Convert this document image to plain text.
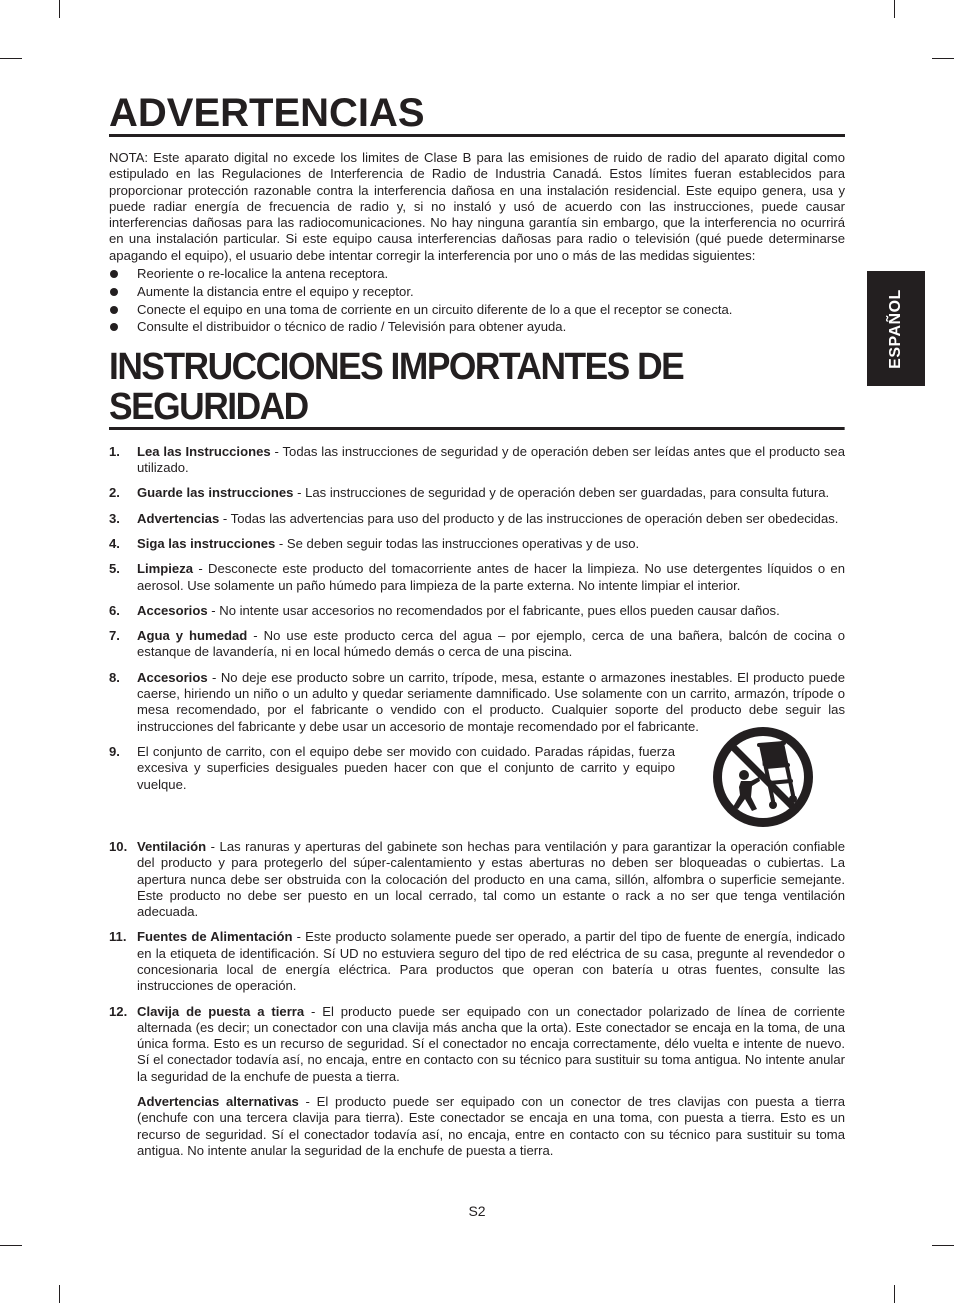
ESPAÑOL
ADVERTENCIAS

NOTA: Este aparato digital no excede los limites de Clase B para las emisiones de ruido de radio del aparato digital como estipulado en las Regulaciones de Interferencia de Radio de Industria Canadá. Estos límites fueran establecidos para proporcionar protección razonable contra la interferencia dañosa en una instalación residencial. Este equipo genera, usa y puede radiar energía de frecuencia de radio y, si no instaló y usó de acuerdo con las instrucciones, puede causar interferencias dañosas para las radiocomunicaciones. No hay ninguna garantía sin embargo, que la interferencia no ocurrirá en una instalación particular. Si este equipo causa interferencias dañosas para radio o televisión (qué puede determinarse apagando el equipo), el usuario debe intentar corregir la interferencia por uno o más de las medidas siguientes:

Reoriente o re-localice la antena receptora.
Aumente la distancia entre el equipo y receptor.
Conecte el equipo en una toma de corriente en un circuito diferente de lo a que el receptor se conecta.
Consulte el distribuidor o técnico de radio / Televisión para obtener ayuda.
INSTRUCCIONES IMPORTANTES DE SEGURIDAD
1. Lea las Instrucciones - Todas las instrucciones de seguridad y de operación deben ser leídas antes que el producto sea utilizado.
2. Guarde las instrucciones - Las instrucciones de seguridad y de operación deben ser guardadas, para consulta futura.
3. Advertencias - Todas las advertencias para uso del producto y de las instrucciones de operación deben ser obedecidas.
4. Siga las instrucciones - Se deben seguir todas las instrucciones operativas y de uso.
5. Limpieza - Desconecte este producto del tomacorriente antes de hacer la limpieza. No use detergentes líquidos o en aerosol. Use solamente un paño húmedo para limpieza de la parte externa. No intente limpiar el interior.
6. Accesorios - No intente usar accesorios no recomendados por el fabricante, pues ellos pueden causar daños.
7. Agua y humedad - No use este producto cerca del agua – por ejemplo, cerca de una bañera, balcón de cocina o estanque de lavandería, ni en local húmedo demás o cerca de una piscina.
8. Accesorios - No deje ese producto sobre un carrito, trípode, mesa, estante o armazones inestables. El producto puede caerse, hiriendo un niño o un adulto y quedar seriamente damnificado. Use solamente con un carrito, armazón, trípode o mesa recomendado, por el fabricante o vendido con el producto. Cualquier soporte del producto debe seguir las instrucciones del fabricante y debe usar un accesorio de montaje recomendado por el fabricante.
9. El conjunto de carrito, con el equipo debe ser movido con cuidado. Paradas rápidas, fuerza excesiva y superficies desiguales pueden hacer con que el conjunto de carrito y equipo vuelque.
10. Ventilación - Las ranuras y aperturas del gabinete son hechas para ventilación y para garantizar la operación confiable del producto y para protegerlo del súper-calentamiento y estas aberturas no deben ser bloqueadas o cubiertas. La apertura nunca debe ser obstruida con la colocación del producto en una cama, sillón, alfombra o superficie semejante. Este producto no debe ser puesto en un local cerrado, tal como un estante o rack a no ser que tenga ventilación adecuada.
11. Fuentes de Alimentación - Este producto solamente puede ser operado, a partir del tipo de fuente de energía, indicado en la etiqueta de identificación. Sí UD no estuviera seguro del tipo de red eléctrica de su casa, pregunte al revendedor o concesionaria local de energía eléctrica. Para productos que operan con batería u otras fuentes, consulte las instrucciones de operación.
12. Clavija de puesta a tierra - El producto puede ser equipado con un conectador polarizado de línea de corriente alternada (es decir; un conectador con una clavija más ancha que la orta). Este conectador se encaja en la toma, de una única forma. Esto es un recurso de seguridad. Sí el conectador no encaja correctamente, délo vuelta e intente de nuevo. Sí el conectador todavía así, no encaja, entre en contacto con su técnico para sustituir su toma antigua. No intente anular la seguridad de la enchufe de puesta a tierra.
Advertencias alternativas - El producto puede ser equipado con un conector de tres clavijas con puesta a tierra (enchufe con una tercera clavija para tierra). Este conectador se encaja en una toma, con puesta a tierra. Esto es un recurso de seguridad. Sí el conectador todavía así, no encaja, entre en contacto con su técnico para sustituir su toma antigua. No intente anular la seguridad de la enchufe de puesta a tierra.
S2
